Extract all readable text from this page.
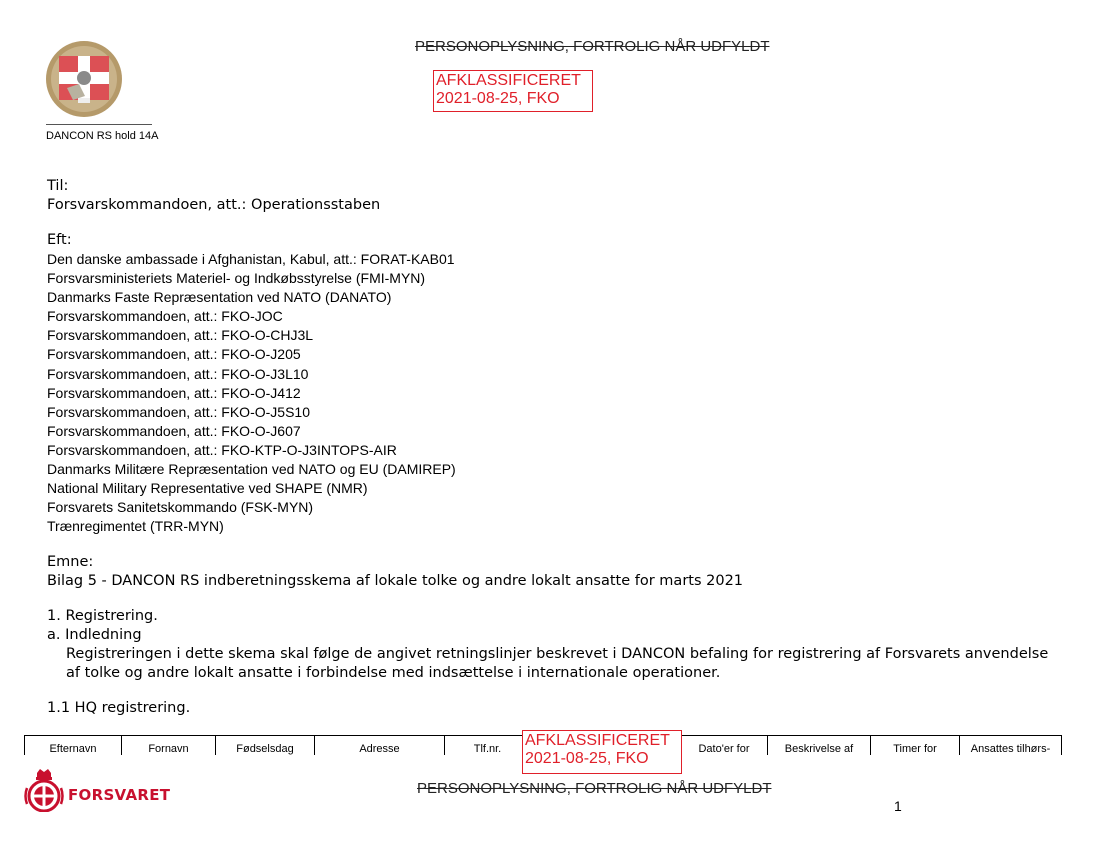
PERSONOPLYSNING, FORTROLIG NÅR UDFYLDT
AFKLASSIFICERET
2021-08-25, FKO
DANCON RS hold 14A

Til:

Forsvarskommandoen, att.: Operationsstaben

Eft:

Den danske ambassade i Afghanistan, Kabul, att.: FORAT-KAB01

Forsvarsministeriets Materiel- og Indkøbsstyrelse (FMI-MYN)

Danmarks Faste Repræsentation ved NATO (DANATO)

Forsvarskommandoen, att.: FKO-JOC

Forsvarskommandoen, att.: FKO-O-CHJ3L

Forsvarskommandoen, att.: FKO-O-J205

Forsvarskommandoen, att.: FKO-O-J3L10

Forsvarskommandoen, att.: FKO-O-J412

Forsvarskommandoen, att.: FKO-O-J5S10

Forsvarskommandoen, att.: FKO-O-J607

Forsvarskommandoen, att.: FKO-KTP-O-J3INTOPS-AIR

Danmarks Militære Repræsentation ved NATO og EU (DAMIREP)

National Military Representative ved SHAPE (NMR)

Forsvarets Sanitetskommando (FSK-MYN)

Trænregimentet (TRR-MYN)

Emne:

Bilag 5 - DANCON RS indberetningsskema af lokale tolke og andre lokalt ansatte for marts 2021

1. Registrering.

a. Indledning

Registreringen i dette skema skal følge de angivet retningslinjer beskrevet i DANCON befaling for registrering af Forsvarets anvendelse af tolke og andre lokalt ansatte i forbindelse med indsættelse i internationale operationer.

1.1 HQ registrering.

Efternavn	Fornavn	Fødselsdag	Adresse	Tlf.nr.		Dato'er for	Beskrivelse af	Timer for	Ansattes tilhørs-
AFKLASSIFICERET
2021-08-25, FKO
FORSVARET	PERSONOPLYSNING, FORTROLIG NÅR UDFYLDT
1
